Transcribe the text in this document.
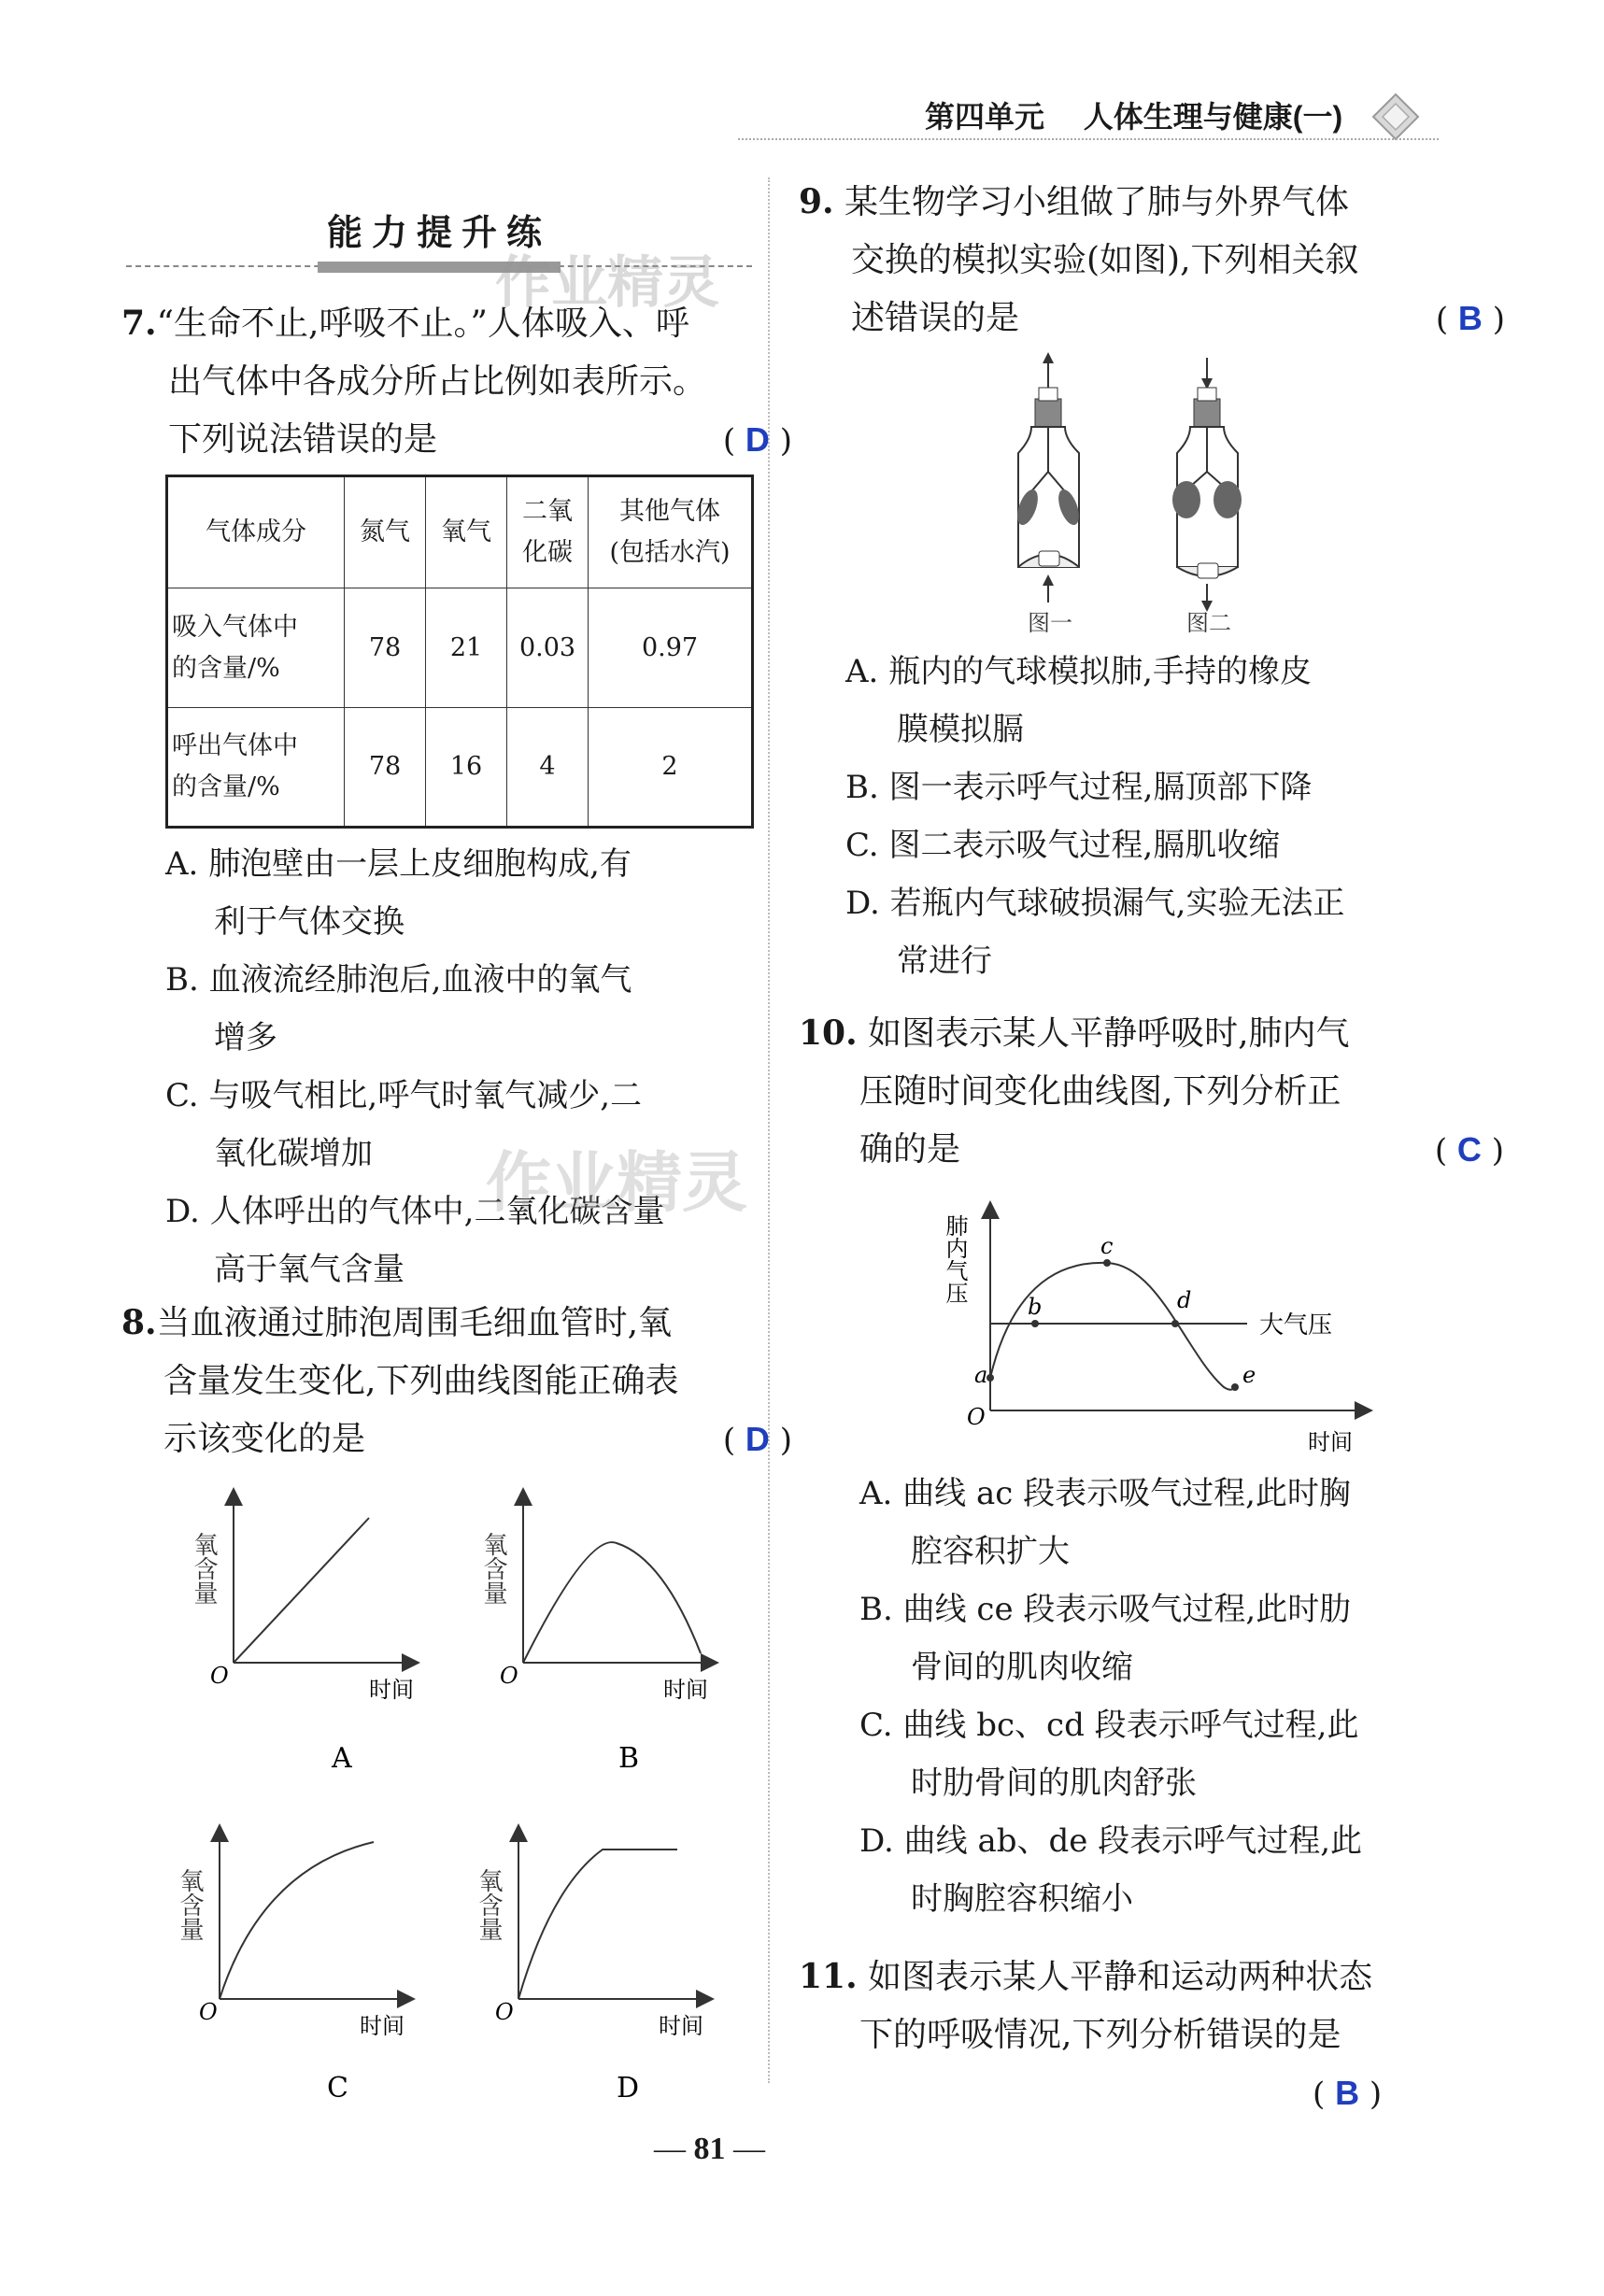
第四单元 人体生理与健康(一)
能力提升练
作业精灵
7.“生命不止,呼吸不止。”人体吸入、呼
出气体中各成分所占比例如表所示。
下列说法错误的是	( D )
气体成分	氮气	氧气	二氧
化碳	其他气体
(包括水汽)
吸入气体中
的含量/%	78	21	0.03	0.97
呼出气体中
的含量/%	78	16	4	2
A. 肺泡壁由一层上皮细胞构成,有
利于气体交换
B. 血液流经肺泡后,血液中的氧气
增多
C. 与吸气相比,呼气时氧气减少,二
氧化碳增加
D. 人体呼出的气体中,二氧化碳含量
高于氧气含量
作业精灵
8.当血液通过肺泡周围毛细血管时,氧
含量发生变化,下列曲线图能正确表
示该变化的是	( D )
氧含量
O
时间
A
氧含量
O
时间
B
氧含量
O
时间
C
氧含量
O
时间
D
9. 某生物学习小组做了肺与外界气体
交换的模拟实验(如图),下列相关叙
述错误的是	( B )
图一	图二
A. 瓶内的气球模拟肺,手持的橡皮
膜模拟膈
B. 图一表示呼气过程,膈顶部下降
C. 图二表示吸气过程,膈肌收缩
D. 若瓶内气球破损漏气,实验无法正
常进行
10. 如图表示某人平静呼吸时,肺内气
压随时间变化曲线图,下列分析正
确的是	( C )
a
b
c
d
e
大气压
O
时间
肺内气压
A. 曲线 ac 段表示吸气过程,此时胸
腔容积扩大
B. 曲线 ce 段表示吸气过程,此时肋
骨间的肌肉收缩
C. 曲线 bc、cd 段表示呼气过程,此
时肋骨间的肌肉舒张
D. 曲线 ab、de 段表示呼气过程,此
时胸腔容积缩小
11. 如图表示某人平静和运动两种状态
下的呼吸情况,下列分析错误的是
( B )
— 81 —
